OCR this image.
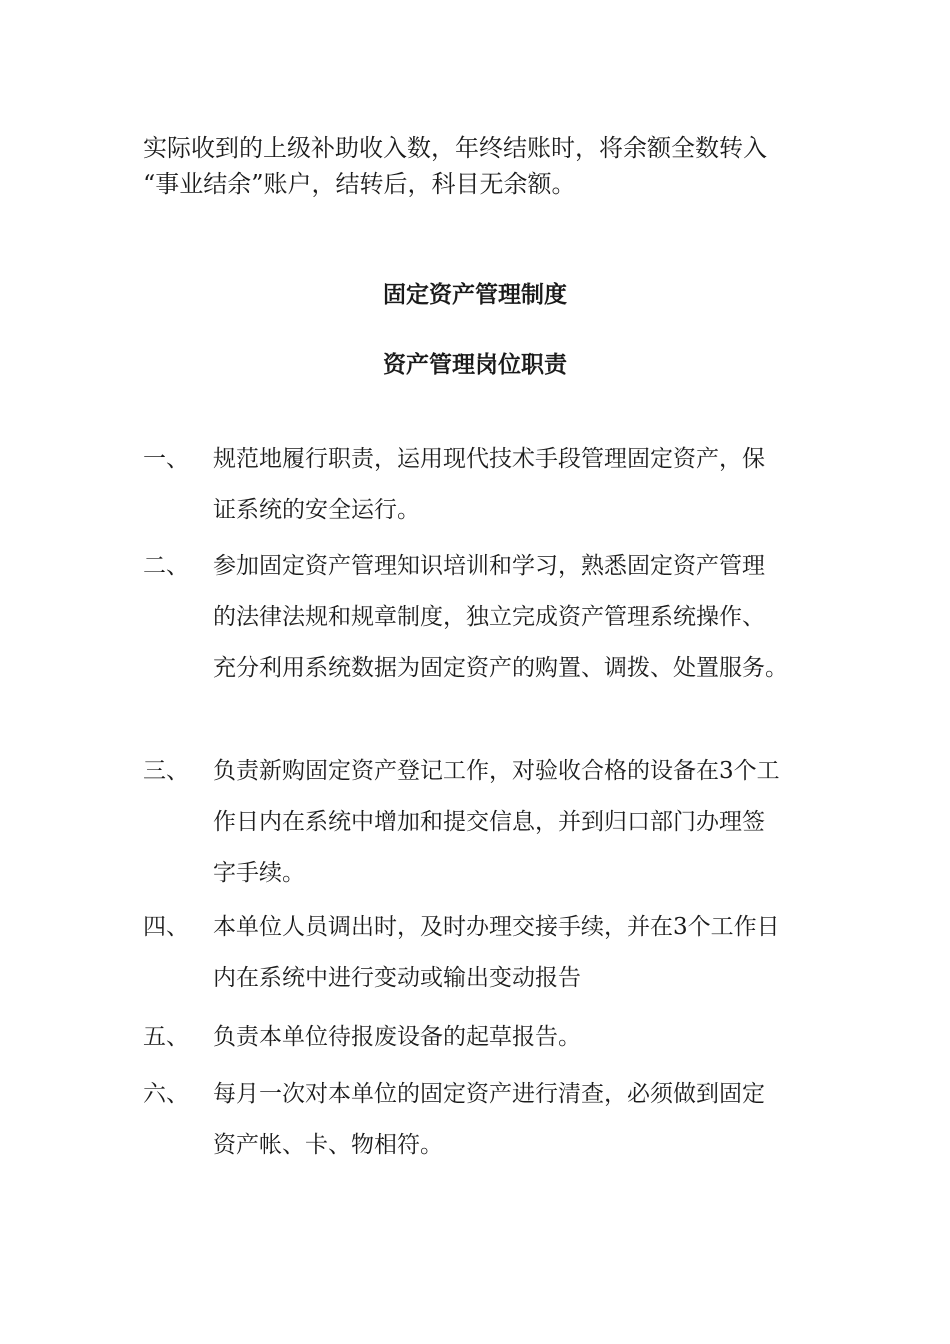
实际收到的上级补助收入数，年终结账时，将余额全数转入

“事业结余”账户，结转后，科目无余额。

固定资产管理制度
资产管理岗位职责
一、 规范地履行职责，运用现代技术手段管理固定资产，保
证系统的安全运行。
二、 参加固定资产管理知识培训和学习，熟悉固定资产管理
的法律法规和规章制度，独立完成资产管理系统操作、
充分利用系统数据为固定资产的购置、调拨、处置服务。
三、 负责新购固定资产登记工作，对验收合格的设备在3个工
作日内在系统中增加和提交信息，并到归口部门办理签
字手续。
四、 本单位人员调出时，及时办理交接手续，并在3个工作日
内在系统中进行变动或输出变动报告
五、 负责本单位待报废设备的起草报告。
六、 每月一次对本单位的固定资产进行清查，必须做到固定
资产帐、卡、物相符。
